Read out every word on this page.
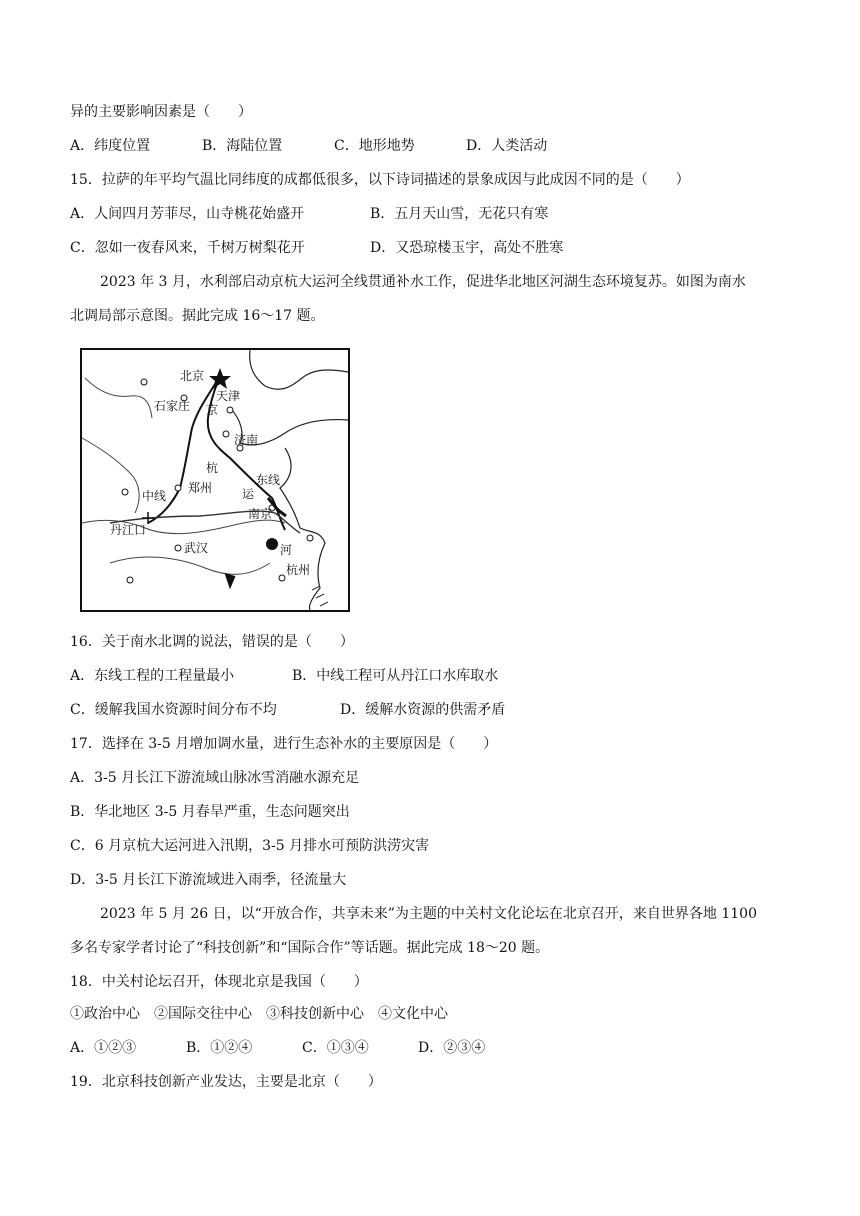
异的主要影响因素是（　　）
A．纬度位置	B．海陆位置	C．地形地势	D．人类活动
15．拉萨的年平均气温比同纬度的成都低很多，以下诗词描述的景象成因与此成因不同的是（　　）
A．人间四月芳菲尽，山寺桃花始盛开	B．五月天山雪，无花只有寒
C．忽如一夜春风来，千树万树梨花开	D．又恐琼楼玉宇，高处不胜寒
2023 年 3 月，水利部启动京杭大运河全线贯通补水工作，促进华北地区河湖生态环境复苏。如图为南水
北调局部示意图。据此完成 16～17 题。
北京
天津
石家庄 京
济南
杭
郑州
中线
东线
运
南京
丹江口
武汉	河
杭州
16．关于南水北调的说法，错误的是（　　）
A．东线工程的工程量最小	B．中线工程可从丹江口水库取水
C．缓解我国水资源时间分布不均	D．缓解水资源的供需矛盾
17．选择在 3-5 月增加调水量，进行生态补水的主要原因是（　　）
A．3-5 月长江下游流域山脉冰雪消融水源充足
B．华北地区 3-5 月春旱严重，生态问题突出
C．6 月京杭大运河进入汛期，3-5 月排水可预防洪涝灾害
D．3-5 月长江下游流域进入雨季，径流量大
2023 年 5 月 26 日，以“开放合作，共享未来”为主题的中关村文化论坛在北京召开，来自世界各地 1100
多名专家学者讨论了“科技创新”和“国际合作”等话题。据此完成 18～20 题。
18．中关村论坛召开，体现北京是我国（　　）
①政治中心　②国际交往中心　③科技创新中心　④文化中心
A．①②③	B．①②④	C．①③④	D．②③④
19．北京科技创新产业发达，主要是北京（　　）
